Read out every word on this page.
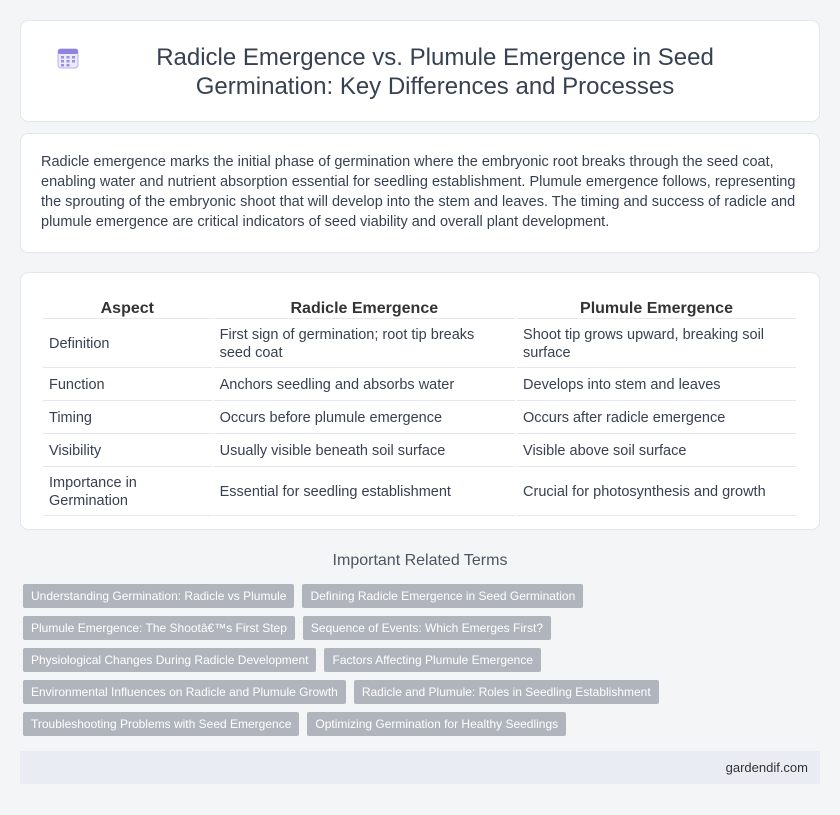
Radicle Emergence vs. Plumule Emergence in Seed Germination: Key Differences and Processes

Radicle emergence marks the initial phase of germination where the embryonic root breaks through the seed coat, enabling water and nutrient absorption essential for seedling establishment. Plumule emergence follows, representing the sprouting of the embryonic shoot that will develop into the stem and leaves. The timing and success of radicle and plumule emergence are critical indicators of seed viability and overall plant development.

Aspect	Radicle Emergence	Plumule Emergence
Definition	First sign of germination; root tip breaks seed coat	Shoot tip grows upward, breaking soil surface
Function	Anchors seedling and absorbs water	Develops into stem and leaves
Timing	Occurs before plumule emergence	Occurs after radicle emergence
Visibility	Usually visible beneath soil surface	Visible above soil surface
Importance in Germination	Essential for seedling establishment	Crucial for photosynthesis and growth
Important Related Terms
Understanding Germination: Radicle vs Plumule	Defining Radicle Emergence in Seed Germination
Plumule Emergence: The Shootâ€™s First Step	Sequence of Events: Which Emerges First?
Physiological Changes During Radicle Development	Factors Affecting Plumule Emergence
Environmental Influences on Radicle and Plumule Growth	Radicle and Plumule: Roles in Seedling Establishment
Troubleshooting Problems with Seed Emergence	Optimizing Germination for Healthy Seedlings
gardendif.com
